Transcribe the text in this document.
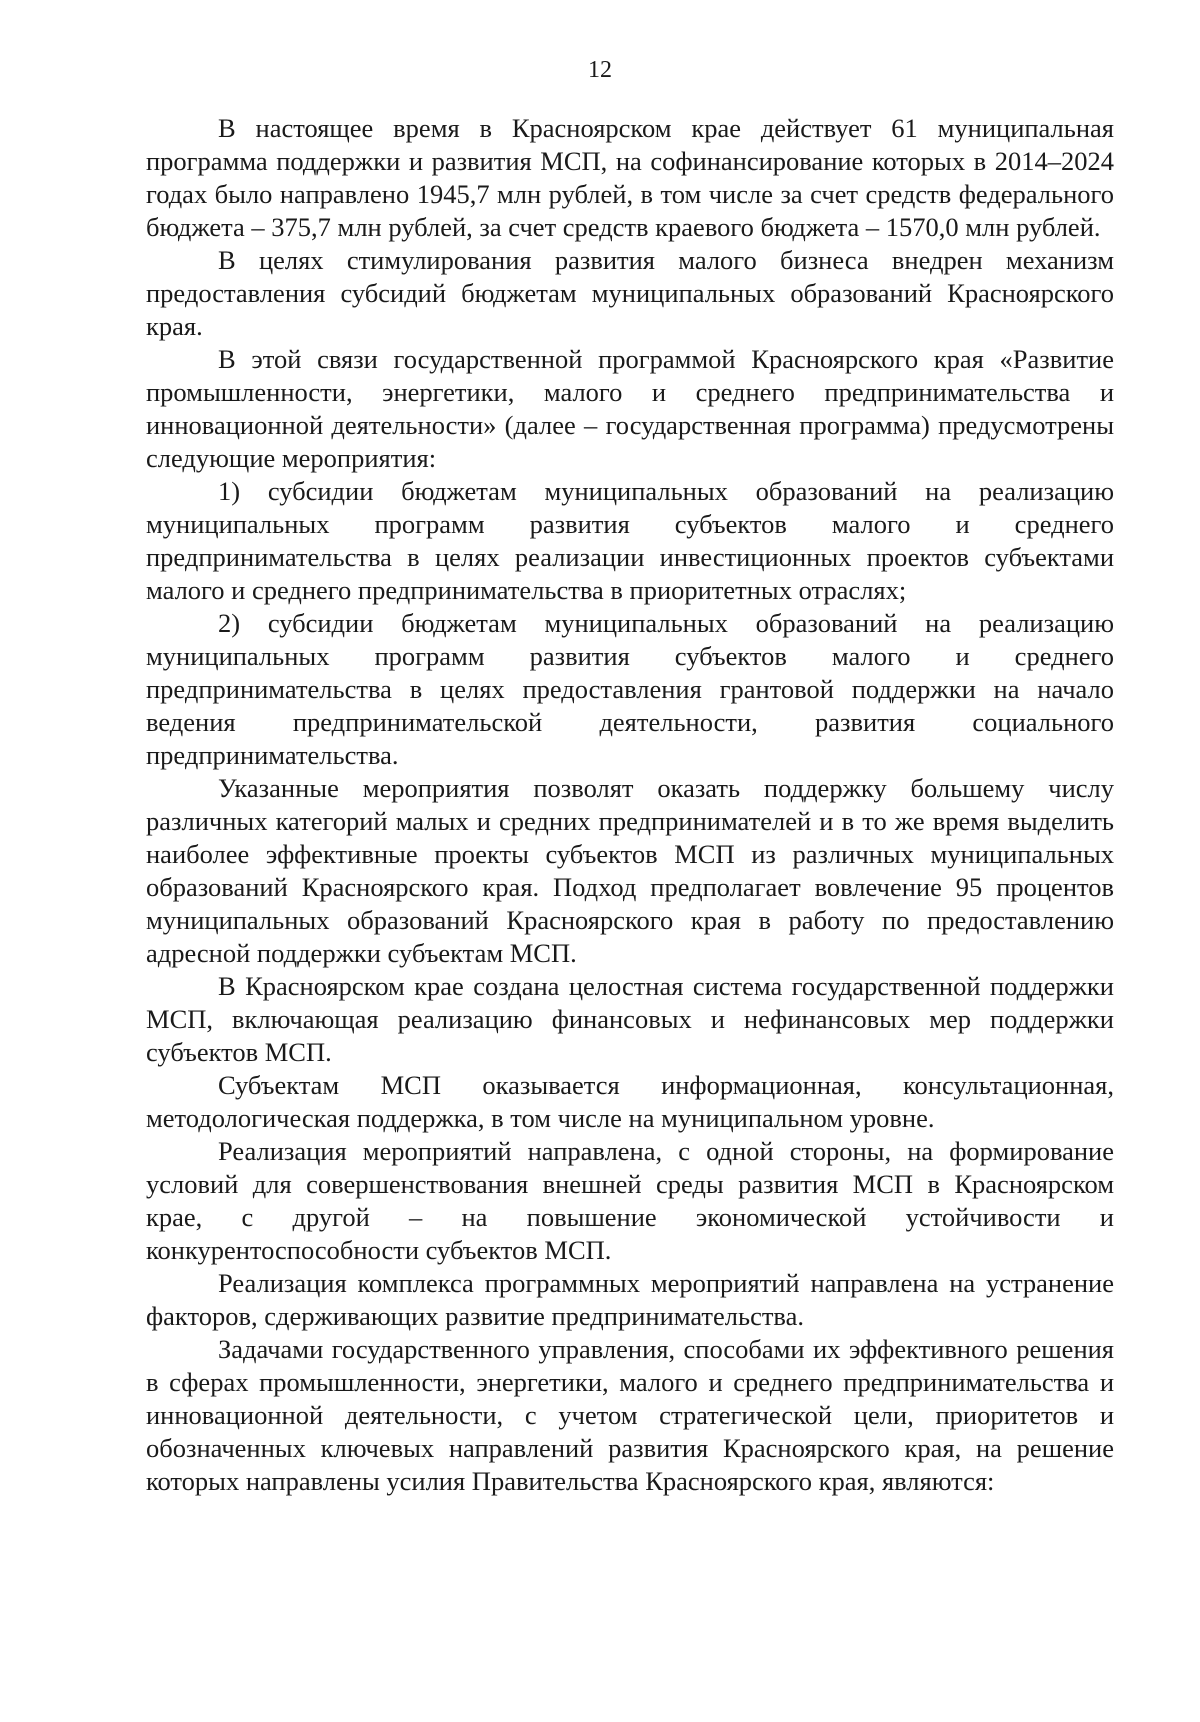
12

В настоящее время в Красноярском крае действует 61 муниципальная программа поддержки и развития МСП, на софинансирование которых в 2014–2024 годах было направлено 1945,7 млн рублей, в том числе за счет средств федерального бюджета – 375,7 млн рублей, за счет средств краевого бюджета – 1570,0 млн рублей.

В целях стимулирования развития малого бизнеса внедрен механизм предоставления субсидий бюджетам муниципальных образований Красноярского края.

В этой связи государственной программой Красноярского края «Развитие промышленности, энергетики, малого и среднего предпринимательства и инновационной деятельности» (далее – государственная программа) предусмотрены следующие мероприятия:

1) субсидии бюджетам муниципальных образований на реализацию муниципальных программ развития субъектов малого и среднего предпринимательства в целях реализации инвестиционных проектов субъектами малого и среднего предпринимательства в приоритетных отраслях;

2) субсидии бюджетам муниципальных образований на реализацию муниципальных программ развития субъектов малого и среднего предпринимательства в целях предоставления грантовой поддержки на начало ведения предпринимательской деятельности, развития социального предпринимательства.

Указанные мероприятия позволят оказать поддержку большему числу различных категорий малых и средних предпринимателей и в то же время выделить наиболее эффективные проекты субъектов МСП из различных муниципальных образований Красноярского края. Подход предполагает вовлечение 95 процентов муниципальных образований Красноярского края в работу по предоставлению адресной поддержки субъектам МСП.

В Красноярском крае создана целостная система государственной поддержки МСП, включающая реализацию финансовых и нефинансовых мер поддержки субъектов МСП.

Субъектам МСП оказывается информационная, консультационная, методологическая поддержка, в том числе на муниципальном уровне.

Реализация мероприятий направлена, с одной стороны, на формирование условий для совершенствования внешней среды развития МСП в Красноярском крае, с другой – на повышение экономической устойчивости и конкурентоспособности субъектов МСП.

Реализация комплекса программных мероприятий направлена на устранение факторов, сдерживающих развитие предпринимательства.

Задачами государственного управления, способами их эффективного решения в сферах промышленности, энергетики, малого и среднего предпринимательства и инновационной деятельности, с учетом стратегической цели, приоритетов и обозначенных ключевых направлений развития Красноярского края, на решение которых направлены усилия Правительства Красноярского края, являются:
